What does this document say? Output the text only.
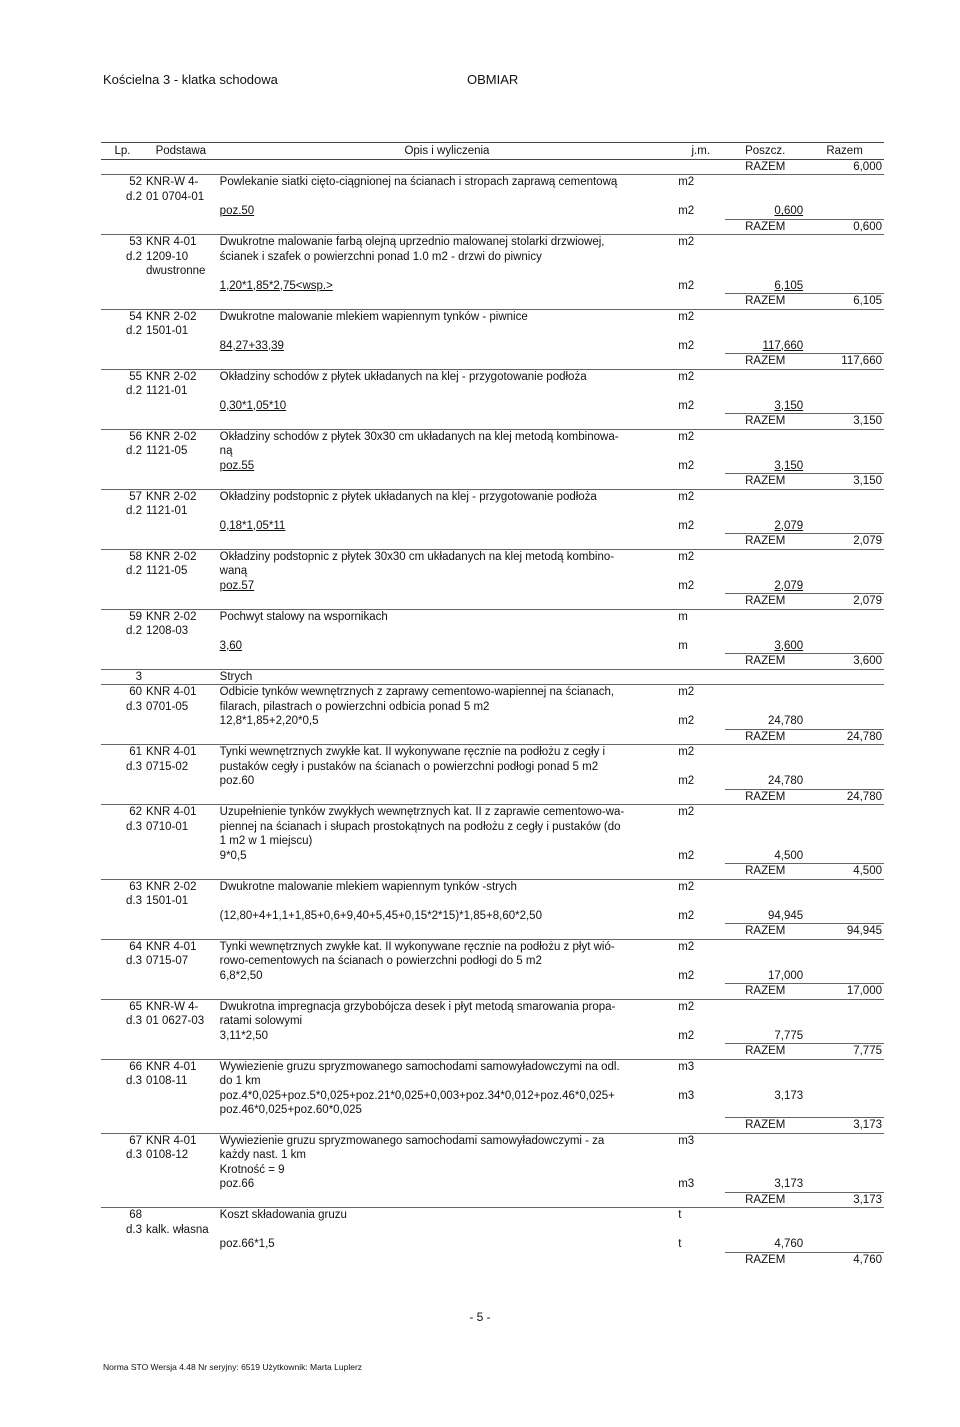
Kościelna 3 - klatka schodowa	OBMIAR
Lp.	Podstawa	Opis i wyliczenia	j.m.	Poszcz.	Razem
				RAZEM	6,000
52	KNR-W 4-	Powlekanie siatki cięto-ciągnionej na ścianach i stropach zaprawą cementową	m2		
d.2	01 0704-01				
		poz.50	m2	0,600	
				RAZEM	0,600
53	KNR 4-01	Dwukrotne malowanie farbą olejną uprzednio malowanej stolarki drzwiowej,	m2		
d.2	1209-10	ścianek i szafek o powierzchni ponad 1.0 m2 - drzwi do piwnicy			
	dwustronne				
		1,20*1,85*2,75<wsp.>	m2	6,105	
				RAZEM	6,105
54	KNR 2-02	Dwukrotne malowanie mlekiem wapiennym tynków - piwnice	m2		
d.2	1501-01				
		84,27+33,39	m2	117,660	
				RAZEM	117,660
55	KNR 2-02	Okładziny schodów z płytek układanych na klej - przygotowanie podłoża	m2		
d.2	1121-01				
		0,30*1,05*10	m2	3,150	
				RAZEM	3,150
56	KNR 2-02	Okładziny schodów z płytek 30x30 cm układanych na klej metodą kombinowa-	m2		
d.2	1121-05	ną			
		poz.55	m2	3,150	
				RAZEM	3,150
57	KNR 2-02	Okładziny podstopnic z płytek układanych na klej - przygotowanie podłoża	m2		
d.2	1121-01				
		0,18*1,05*11	m2	2,079	
				RAZEM	2,079
58	KNR 2-02	Okładziny podstopnic z płytek 30x30 cm układanych na klej metodą kombino-	m2		
d.2	1121-05	waną			
		poz.57	m2	2,079	
				RAZEM	2,079
59	KNR 2-02	Pochwyt stalowy na wspornikach	m		
d.2	1208-03				
		3,60	m	3,600	
				RAZEM	3,600
3		Strych			
60	KNR 4-01	Odbicie tynków wewnętrznych z zaprawy cementowo-wapiennej na ścianach,	m2		
d.3	0701-05	filarach, pilastrach o powierzchni odbicia ponad 5 m2			
		12,8*1,85+2,20*0,5	m2	24,780	
				RAZEM	24,780
61	KNR 4-01	Tynki wewnętrznych zwykłe kat. II wykonywane ręcznie na podłożu z cegły i	m2		
d.3	0715-02	pustaków cegły i pustaków na ścianach o powierzchni podłogi ponad 5 m2			
		poz.60	m2	24,780	
				RAZEM	24,780
62	KNR 4-01	Uzupełnienie tynków zwykłych wewnętrznych kat. II z zaprawie cementowo-wa-	m2		
d.3	0710-01	piennej na ścianach i słupach prostokątnych na podłożu z cegły i pustaków (do			
		1 m2 w 1 miejscu)			
		9*0,5	m2	4,500	
				RAZEM	4,500
63	KNR 2-02	Dwukrotne malowanie mlekiem wapiennym tynków -strych	m2		
d.3	1501-01				
		(12,80+4+1,1+1,85+0,6+9,40+5,45+0,15*2*15)*1,85+8,60*2,50	m2	94,945	
				RAZEM	94,945
64	KNR 4-01	Tynki wewnętrznych zwykłe kat. II wykonywane ręcznie na podłożu z płyt wió-	m2		
d.3	0715-07	rowo-cementowych na ścianach o powierzchni podłogi do 5 m2			
		6,8*2,50	m2	17,000	
				RAZEM	17,000
65	KNR-W 4-	Dwukrotna impregnacja grzybobójcza desek i płyt metodą smarowania propa-	m2		
d.3	01 0627-03	ratami solowymi			
		3,11*2,50	m2	7,775	
				RAZEM	7,775
66	KNR 4-01	Wywiezienie gruzu spryzmowanego samochodami samowyładowczymi na odl.	m3		
d.3	0108-11	do 1 km			
		poz.4*0,025+poz.5*0,025+poz.21*0,025+0,003+poz.34*0,012+poz.46*0,025+	m3	3,173	
		poz.46*0,025+poz.60*0,025			
				RAZEM	3,173
67	KNR 4-01	Wywiezienie gruzu spryzmowanego samochodami samowyładowczymi - za	m3		
d.3	0108-12	każdy nast. 1 km			
		Krotność = 9			
		poz.66	m3	3,173	
				RAZEM	3,173
68		Koszt składowania gruzu	t		
d.3	kalk. własna				
		poz.66*1,5	t	4,760	
				RAZEM	4,760
- 5 -
Norma STO Wersja 4.48 Nr seryjny: 6519 Użytkownik: Marta Luplerz
